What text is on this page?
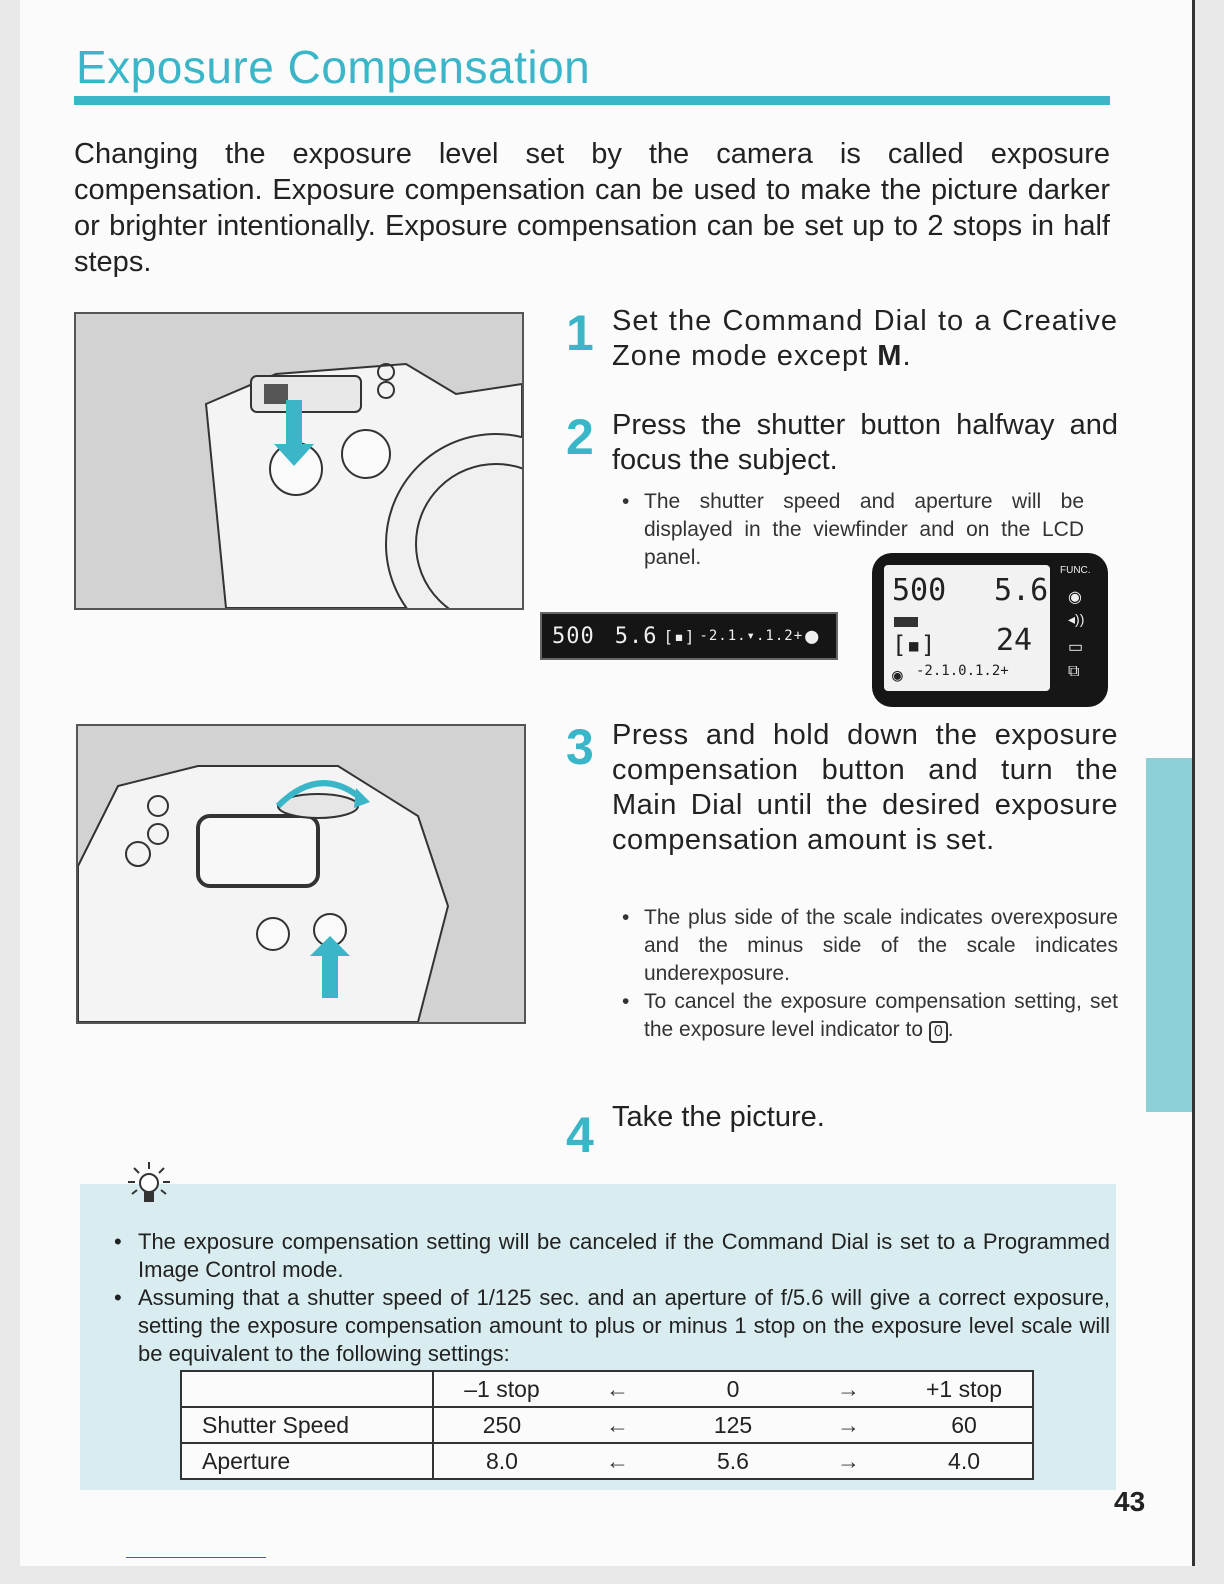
Exposure Compensation
Changing the exposure level set by the camera is called exposure compensation. Exposure compensation can be used to make the picture darker or brighter intentionally. Exposure compensation can be set up to 2 stops in half steps.
1 Set the Command Dial to a Creative Zone mode except M.
2 Press the shutter button halfway and focus the subject.
• The shutter speed and aperture will be displayed in the viewfinder and on the LCD panel.
500 5.6 [▪] -2.1.▾.1.2+ ●
500 5.6
[▪] 24
◉ -2.1.0.1.2+
FUNC.
◉
◂))
▭
⧉
3 Press and hold down the exposure compensation button and turn the Main Dial until the desired exposure compensation amount is set.
• The plus side of the scale indicates overexposure and the minus side of the scale indicates underexposure.
• To cancel the exposure compensation setting, set the exposure level indicator to 0 .
4 Take the picture.
• The exposure compensation setting will be canceled if the Command Dial is set to a Programmed Image Control mode.
• Assuming that a shutter speed of 1/125 sec. and an aperture of f/5.6 will give a correct exposure, setting the exposure compensation amount to plus or minus 1 stop on the exposure level scale will be equivalent to the following settings:

	–1 stop ← 0 → +1 stop

Shutter Speed	250 ← 125 → 60

Aperture	8.0 ← 5.6 → 4.0
43
